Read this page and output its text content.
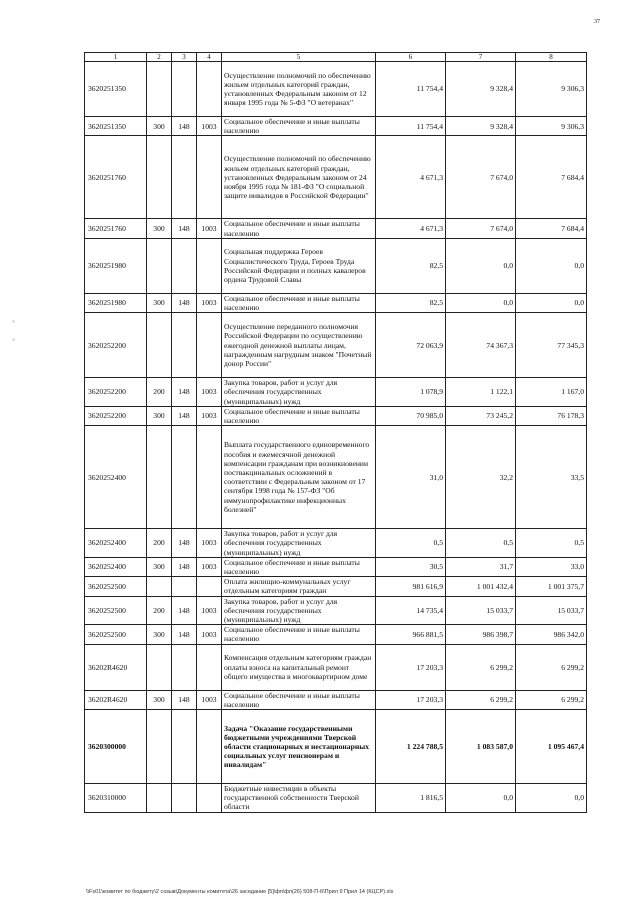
37
1	2	3	4	5	6	7	8
3620251350				Осуществление полномочий по обеспечению жильем отдельных категорий граждан, установленных Федеральным законом от 12 января 1995 года № 5-ФЗ "О ветеранах"	11 754,4	9 328,4	9 306,3
3620251350	300	148	1003	Социальное обеспечение и иные выплаты населению	11 754,4	9 328,4	9 306,3
3620251760				Осуществление полномочий по обеспечению жильем отдельных категорий граждан, установленных Федеральным законом от 24 ноября 1995 года № 181-ФЗ "О социальной защите инвалидов в Российской Федерации"	4 671,3	7 674,0	7 684,4
3620251760	300	148	1003	Социальное обеспечение и иные выплаты населению	4 671,3	7 674,0	7 684,4
3620251980				Социальная поддержка Героев Социалистического Труда, Героев Труда Российской Федерации и полных кавалеров ордена Трудовой Славы	82,5	0,0	0,0
3620251980	300	148	1003	Социальное обеспечение и иные выплаты населению	82,5	0,0	0,0
3620252200				Осуществление переданного полномочия Российской Федерации по осуществлению ежегодной денежной выплаты лицам, награжденным нагрудным знаком "Почетный донор России"	72 063,9	74 367,3	77 345,3
3620252200	200	148	1003	Закупка товаров, работ и услуг для обеспечения государственных (муниципальных) нужд	1 078,9	1 122,1	1 167,0
3620252200	300	148	1003	Социальное обеспечение и иные выплаты населению	70 985,0	73 245,2	76 178,3
3620252400				Выплата государственного единовременного пособия и ежемесячной денежной компенсации гражданам при возникновении поствакцинальных осложнений в соответствии с Федеральным законом от 17 сентября 1998 года № 157-ФЗ "Об иммунопрофилактике инфекционных болезней"	31,0	32,2	33,5
3620252400	200	148	1003	Закупка товаров, работ и услуг для обеспечения государственных (муниципальных) нужд	0,5	0,5	0,5
3620252400	300	148	1003	Социальное обеспечение и иные выплаты населению	30,5	31,7	33,0
3620252500				Оплата жилищно-коммунальных услуг отдельным категориям граждан	981 616,9	1 001 432,4	1 001 375,7
3620252500	200	148	1003	Закупка товаров, работ и услуг для обеспечения государственных (муниципальных) нужд	14 735,4	15 033,7	15 033,7
3620252500	300	148	1003	Социальное обеспечение и иные выплаты населению	966 881,5	986 398,7	986 342,0
36202R4620				Компенсация отдельным категориям граждан оплаты взноса на капитальный ремонт общего имущества в многоквартирном доме	17 203,3	6 299,2	6 299,2
36202R4620	300	148	1003	Социальное обеспечение и иные выплаты населению	17 203,3	6 299,2	6 299,2
3620300000				Задача "Оказание государственными бюджетными учреждениями Тверской области стационарных и нестационарных социальных услуг пенсионерам и инвалидам"	1 224 788,5	1 083 587,0	1 095 467,4
3620310000				Бюджетные инвестиции в объекты государственной собственности Тверской области	1 816,5	0,0	0,0
\\Fs01\комитет по бюджету\2 созыв\Документы комитета\26 заседание [5]\фп\фп(26) 508-П-6\Прил 9 Прил 14 (КЦСР).xls
